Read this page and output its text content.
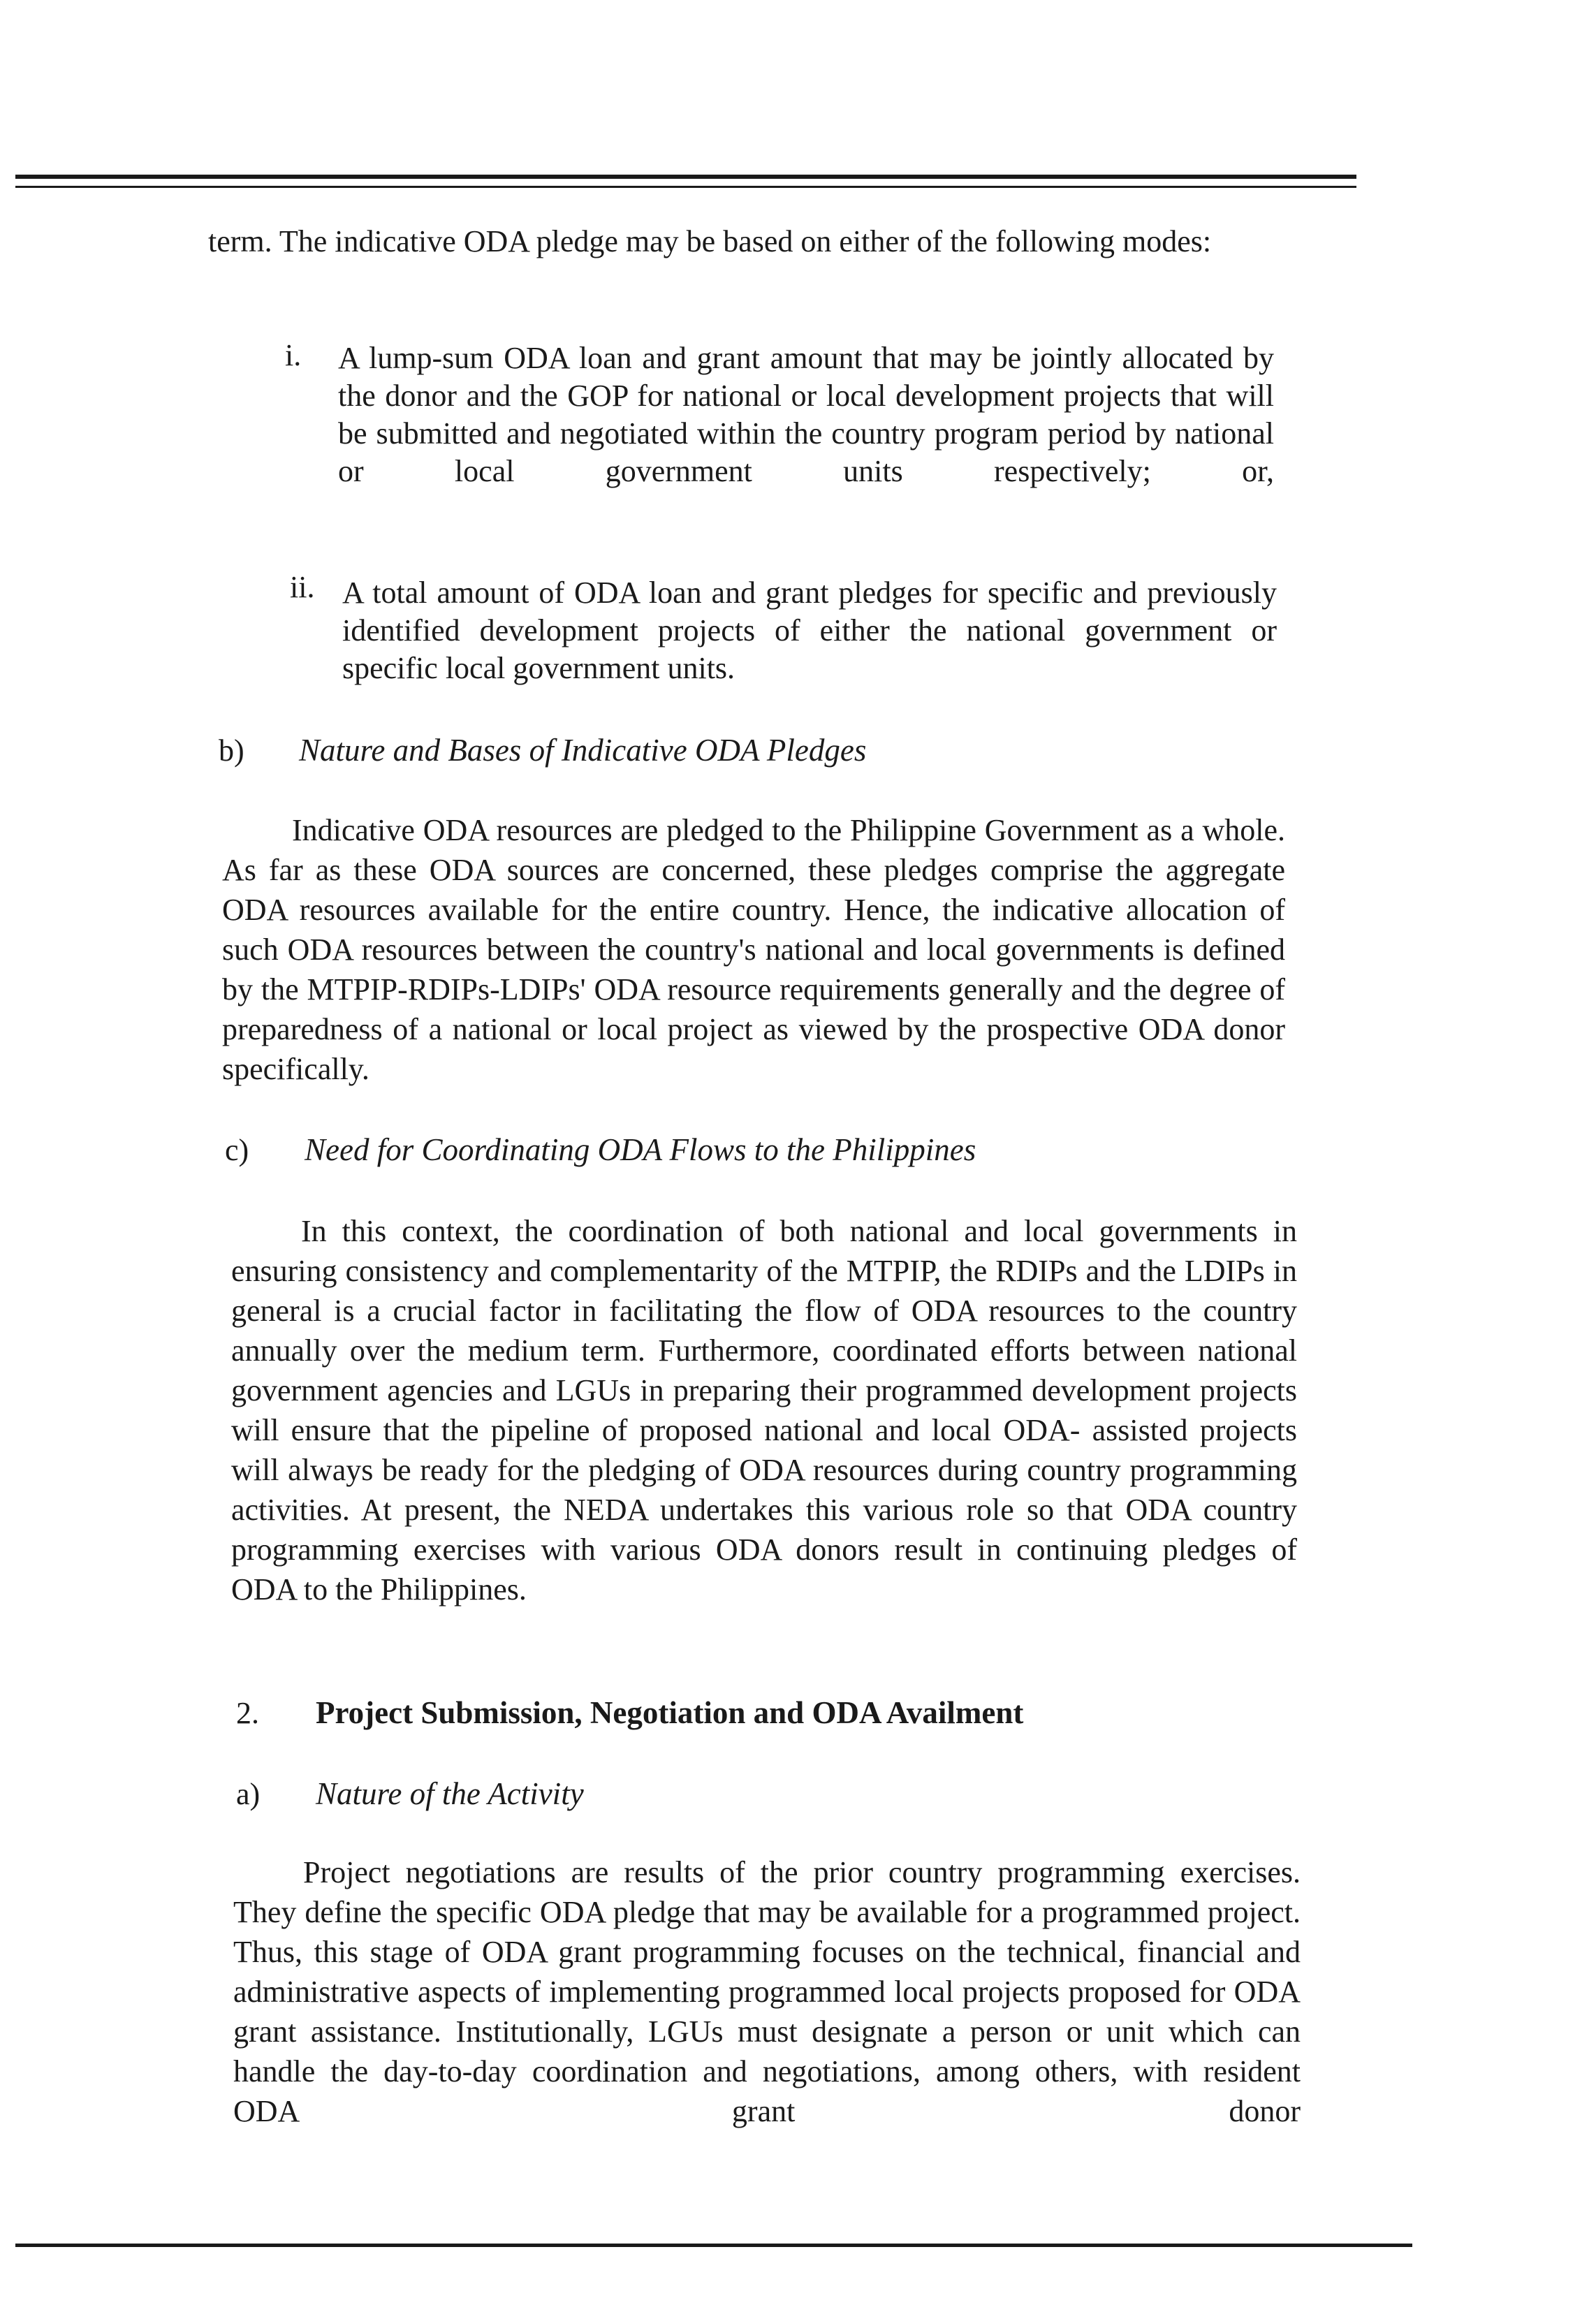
term. The indicative ODA pledge may be based on either of the following modes:

i. A lump-sum ODA loan and grant amount that may be jointly allocated by the donor and the GOP for national or local development projects that will be submitted and negotiated within the country program period by national or local government units respectively; or,

ii. A total amount of ODA loan and grant pledges for specific and previously identified development projects of either the national government or specific local government units.

b) Nature and Bases of Indicative ODA Pledges

Indicative ODA resources are pledged to the Philippine Government as a whole. As far as these ODA sources are concerned, these pledges comprise the aggregate ODA resources available for the entire country. Hence, the indicative allocation of such ODA resources between the country's national and local governments is defined by the MTPIP-RDIPs-LDIPs' ODA resource requirements generally and the degree of preparedness of a national or local project as viewed by the prospective ODA donor specifically.

c) Need for Coordinating ODA Flows to the Philippines

In this context, the coordination of both national and local governments in ensuring consistency and complementarity of the MTPIP, the RDIPs and the LDIPs in general is a crucial factor in facilitating the flow of ODA resources to the country annually over the medium term. Furthermore, coordinated efforts between national government agencies and LGUs in preparing their programmed development projects will ensure that the pipeline of proposed national and local ODA- assisted projects will always be ready for the pledging of ODA resources during country programming activities. At present, the NEDA undertakes this various role so that ODA country programming exercises with various ODA donors result in continuing pledges of ODA to the Philippines.

2. Project Submission, Negotiation and ODA Availment
a) Nature of the Activity

Project negotiations are results of the prior country programming exercises. They define the specific ODA pledge that may be available for a programmed project. Thus, this stage of ODA grant programming focuses on the technical, financial and administrative aspects of implementing programmed local projects proposed for ODA grant assistance. Institutionally, LGUs must designate a person or unit which can handle the day-to-day coordination and negotiations, among others, with resident ODA grant donor
